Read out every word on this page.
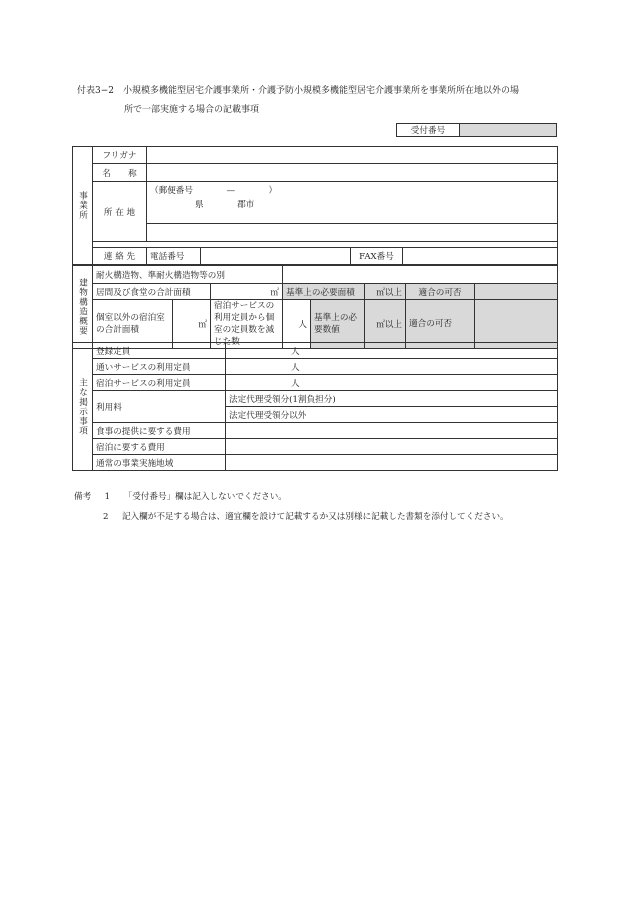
付表3−2　小規模多機能型居宅介護事業所・介護予防小規模多機能型居宅介護事業所を事業所所在地以外の場
所で一部実施する場合の記載事項
受付番号	
事業所	フリガナ				
	名　　称				
	所 在 地	（郵便番号 — ）
県 郡市			

	連 絡 先	電話番号		FAX番号	
建物構造概要	耐火構造物、準耐火構造物等の別							
	居間及び食堂の合計面積		㎡	基準上の必要面積		㎡以上	適合の可否	
	個室以外の宿泊室の合計面積	㎡	宿泊サービスの利用定員から個室の定員数を減じた数	人	基準上の必要数値	㎡以上	適合の可否	
主な掲示事項	登録定員	人
	通いサービスの利用定員	人
	宿泊サービスの利用定員	人
	利用料	法定代理受領分(1割負担分)
		法定代理受領分以外
	食事の提供に要する費用	
	宿泊に要する費用	
	通常の事業実施地域	
備考 1 「受付番号」欄は記入しないでください。
2 記入欄が不足する場合は、適宜欄を設けて記載するか又は別様に記載した書類を添付してください。
